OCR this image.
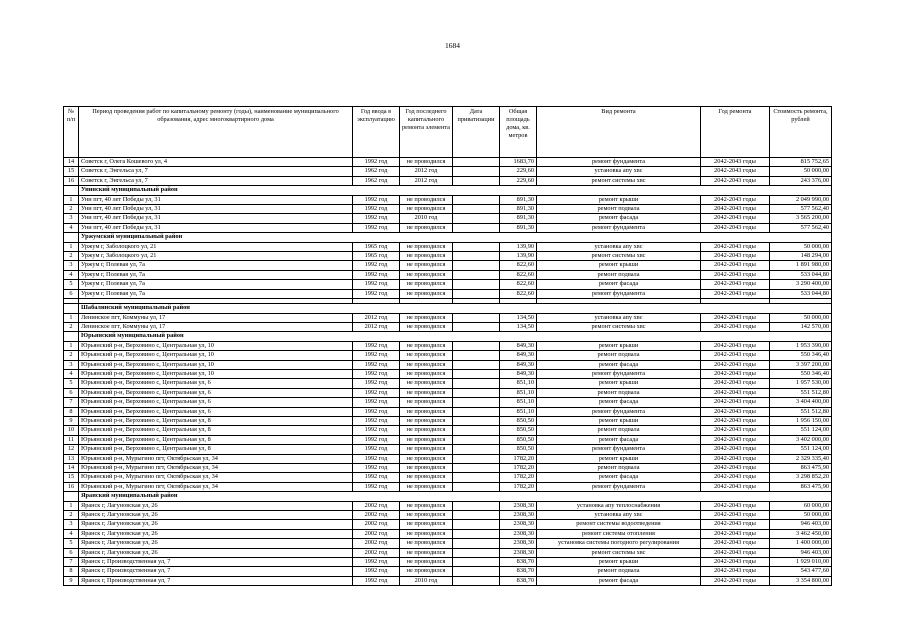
1684
№ п/п	Период проведения работ по капитальному ремонту (годы), наименование муниципального образования, адрес многоквартирного дома	Год ввода в эксплуатацию	Год последнего капитального ремонта элемента	Дата приватизации	Общая площадь дома, кв. метров	Вид ремонта	Год ремонта	Стоимость ремонта, рублей
14	Советск г, Олега Кошевого ул, 4	1992 год	не проводился		1683,70	ремонт фундамента	2042-2043 годы	815 752,65
15	Советск г, Энгельса ул, 7	1962 год	2012 год		229,60	установка апу хвс	2042-2043 годы	50 000,00
16	Советск г, Энгельса ул, 7	1962 год	2012 год		229,60	ремонт системы хвс	2042-2043 годы	243 376,00
	Унинский муниципальный район							
1	Уни пгт, 40 лет Победы ул, 31	1992 год	не проводился		891,30	ремонт крыши	2042-2043 годы	2 049 990,00
2	Уни пгт, 40 лет Победы ул, 31	1992 год	не проводился		891,30	ремонт подвала	2042-2043 годы	577 562,40
3	Уни пгт, 40 лет Победы ул, 31	1992 год	2010 год		891,30	ремонт фасада	2042-2043 годы	3 565 200,00
4	Уни пгт, 40 лет Победы ул, 31	1992 год	не проводился		891,30	ремонт фундамента	2042-2043 годы	577 562,40
	Уржумский муниципальный район							
1	Уржум г, Заболоцкого ул, 21	1965 год	не проводился		139,90	установка апу хвс	2042-2043 годы	50 000,00
2	Уржум г, Заболоцкого ул, 21	1965 год	не проводился		139,90	ремонт системы хвс	2042-2043 годы	148 294,00
3	Уржум г, Полевая ул, 7а	1992 год	не проводился		822,60	ремонт крыши	2042-2043 годы	1 891 980,00
4	Уржум г, Полевая ул, 7а	1992 год	не проводился		822,60	ремонт подвала	2042-2043 годы	533 044,80
5	Уржум г, Полевая ул, 7а	1992 год	не проводился		822,60	ремонт фасада	2042-2043 годы	3 290 400,00
6	Уржум г, Полевая ул, 7а	1992 год	не проводился		822,60	ремонт фундамента	2042-2043 годы	533 044,80

	Шабалинский муниципальный район							
1	Ленинское пгт, Коммуны ул, 17	2012 год	не проводился		134,50	установка апу хвс	2042-2043 годы	50 000,00
2	Ленинское пгт, Коммуны ул, 17	2012 год	не проводился		134,50	ремонт системы хвс	2042-2043 годы	142 570,00
	Юрьянский муниципальный район							
1	Юрьянский р-н, Верховино с, Центральная ул, 10	1992 год	не проводился		849,30	ремонт крыши	2042-2043 годы	1 953 390,00
2	Юрьянский р-н, Верховино с, Центральная ул, 10	1992 год	не проводился		849,30	ремонт подвала	2042-2043 годы	550 346,40
3	Юрьянский р-н, Верховино с, Центральная ул, 10	1992 год	не проводился		849,30	ремонт фасада	2042-2043 годы	3 397 200,00
4	Юрьянский р-н, Верховино с, Центральная ул, 10	1992 год	не проводился		849,30	ремонт фундамента	2042-2043 годы	550 346,40
5	Юрьянский р-н, Верховино с, Центральная ул, 6	1992 год	не проводился		851,10	ремонт крыши	2042-2043 годы	1 957 530,00
6	Юрьянский р-н, Верховино с, Центральная ул, 6	1992 год	не проводился		851,10	ремонт подвала	2042-2043 годы	551 512,80
7	Юрьянский р-н, Верховино с, Центральная ул, 6	1992 год	не проводился		851,10	ремонт фасада	2042-2043 годы	3 404 400,00
8	Юрьянский р-н, Верховино с, Центральная ул, 6	1992 год	не проводился		851,10	ремонт фундамента	2042-2043 годы	551 512,80
9	Юрьянский р-н, Верховино с, Центральная ул, 8	1992 год	не проводился		850,50	ремонт крыши	2042-2043 годы	1 956 150,00
10	Юрьянский р-н, Верховино с, Центральная ул, 8	1992 год	не проводился		850,50	ремонт подвала	2042-2043 годы	551 124,00
11	Юрьянский р-н, Верховино с, Центральная ул, 8	1992 год	не проводился		850,50	ремонт фасада	2042-2043 годы	3 402 000,00
12	Юрьянский р-н, Верховино с, Центральная ул, 8	1992 год	не проводился		850,50	ремонт фундамента	2042-2043 годы	551 124,00
13	Юрьянский р-н, Мурыгино пгт, Октябрьская ул, 34	1992 год	не проводился		1782,20	ремонт крыши	2042-2043 годы	2 329 335,40
14	Юрьянский р-н, Мурыгино пгт, Октябрьская ул, 34	1992 год	не проводился		1782,20	ремонт подвала	2042-2043 годы	863 475,90
15	Юрьянский р-н, Мурыгино пгт, Октябрьская ул, 34	1992 год	не проводился		1782,20	ремонт фасада	2042-2043 годы	3 298 852,20
16	Юрьянский р-н, Мурыгино пгт, Октябрьская ул, 34	1992 год	не проводился		1782,20	ремонт фундамента	2042-2043 годы	863 475,90
	Яранский муниципальный район							
1	Яранск г, Лагуновская ул, 26	2002 год	не проводился		2308,30	установка апу теплоснабжения	2042-2043 годы	60 000,00
2	Яранск г, Лагуновская ул, 26	2002 год	не проводился		2308,30	установка апу хвс	2042-2043 годы	50 000,00
3	Яранск г, Лагуновская ул, 26	2002 год	не проводился		2308,30	ремонт системы водоотведения	2042-2043 годы	946 403,00
4	Яранск г, Лагуновская ул, 26	2002 год	не проводился		2308,30	ремонт системы отопления	2042-2043 годы	3 462 450,00
5	Яранск г, Лагуновская ул, 26	2002 год	не проводился		2308,30	установка системы погодного регулирования	2042-2043 годы	1 400 000,00
6	Яранск г, Лагуновская ул, 26	2002 год	не проводился		2308,30	ремонт системы хвс	2042-2043 годы	946 403,00
7	Яранск г, Производственная ул, 7	1992 год	не проводился		838,70	ремонт крыши	2042-2043 годы	1 929 010,00
8	Яранск г, Производственная ул, 7	1992 год	не проводился		838,70	ремонт подвала	2042-2043 годы	543 477,60
9	Яранск г, Производственная ул, 7	1992 год	2010 год		838,70	ремонт фасада	2042-2043 годы	3 354 800,00
